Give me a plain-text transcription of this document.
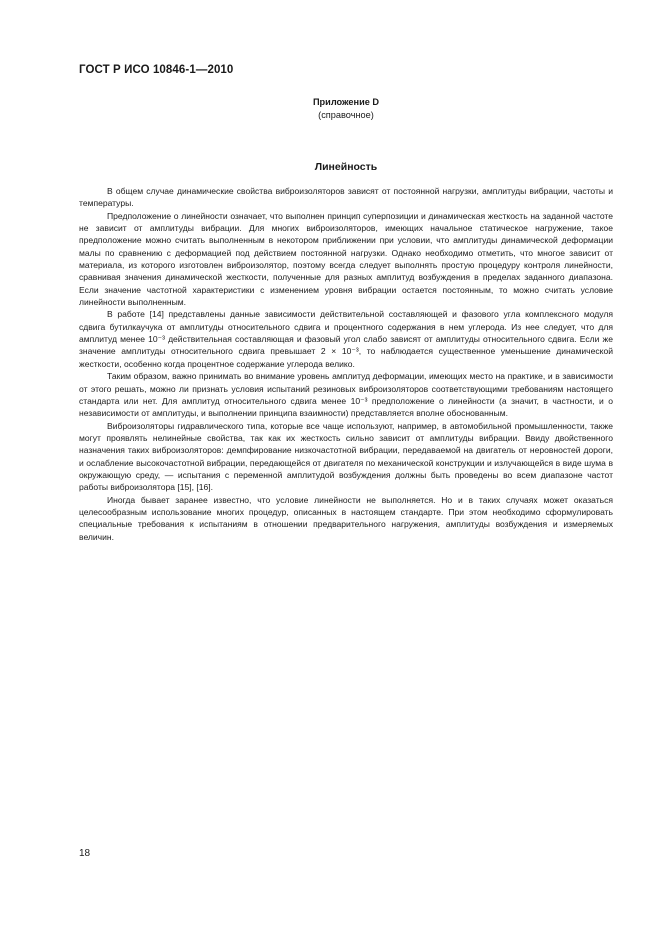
ГОСТ Р ИСО 10846-1—2010
Приложение D
(справочное)
Линейность

В общем случае динамические свойства виброизоляторов зависят от постоянной нагрузки, амплитуды вибрации, частоты и температуры.

Предположение о линейности означает, что выполнен принцип суперпозиции и динамическая жесткость на заданной частоте не зависит от амплитуды вибрации. Для многих виброизоляторов, имеющих начальное статическое нагружение, такое предположение можно считать выполненным в некотором приближении при условии, что амплитуды динамической деформации малы по сравнению с деформацией под действием постоянной нагрузки. Однако необходимо отметить, что многое зависит от материала, из которого изготовлен виброизолятор, поэтому всегда следует выполнять простую процедуру контроля линейности, сравнивая значения динамической жесткости, полученные для разных амплитуд возбуждения в пределах заданного диапазона. Если значение частотной характеристики с изменением уровня вибрации остается постоянным, то можно считать условие линейности выполненным.

В работе [14] представлены данные зависимости действительной составляющей и фазового угла комплексного модуля сдвига бутилкаучука от амплитуды относительного сдвига и процентного содержания в нем углерода. Из нее следует, что для амплитуд менее 10⁻³ действительная составляющая и фазовый угол слабо зависят от амплитуды относительного сдвига. Если же значение амплитуды относительного сдвига превышает 2 × 10⁻³, то наблюдается существенное уменьшение динамической жесткости, особенно когда процентное содержание углерода велико.

Таким образом, важно принимать во внимание уровень амплитуд деформации, имеющих место на практике, и в зависимости от этого решать, можно ли признать условия испытаний резиновых виброизоляторов соответствующими требованиям настоящего стандарта или нет. Для амплитуд относительного сдвига менее 10⁻³ предположение о линейности (а значит, в частности, и о независимости от амплитуды, и выполнении принципа взаимности) представляется вполне обоснованным.

Виброизоляторы гидравлического типа, которые все чаще используют, например, в автомобильной промышленности, также могут проявлять нелинейные свойства, так как их жесткость сильно зависит от амплитуды вибрации. Ввиду двойственного назначения таких виброизоляторов: демпфирование низкочастотной вибрации, передаваемой на двигатель от неровностей дороги, и ослабление высокочастотной вибрации, передающейся от двигателя по механической конструкции и излучающейся в виде шума в окружающую среду, — испытания с переменной амплитудой возбуждения должны быть проведены во всем диапазоне частот работы виброизолятора [15], [16].

Иногда бывает заранее известно, что условие линейности не выполняется. Но и в таких случаях может оказаться целесообразным использование многих процедур, описанных в настоящем стандарте. При этом необходимо сформулировать специальные требования к испытаниям в отношении предварительного нагружения, амплитуды возбуждения и измеряемых величин.

18
